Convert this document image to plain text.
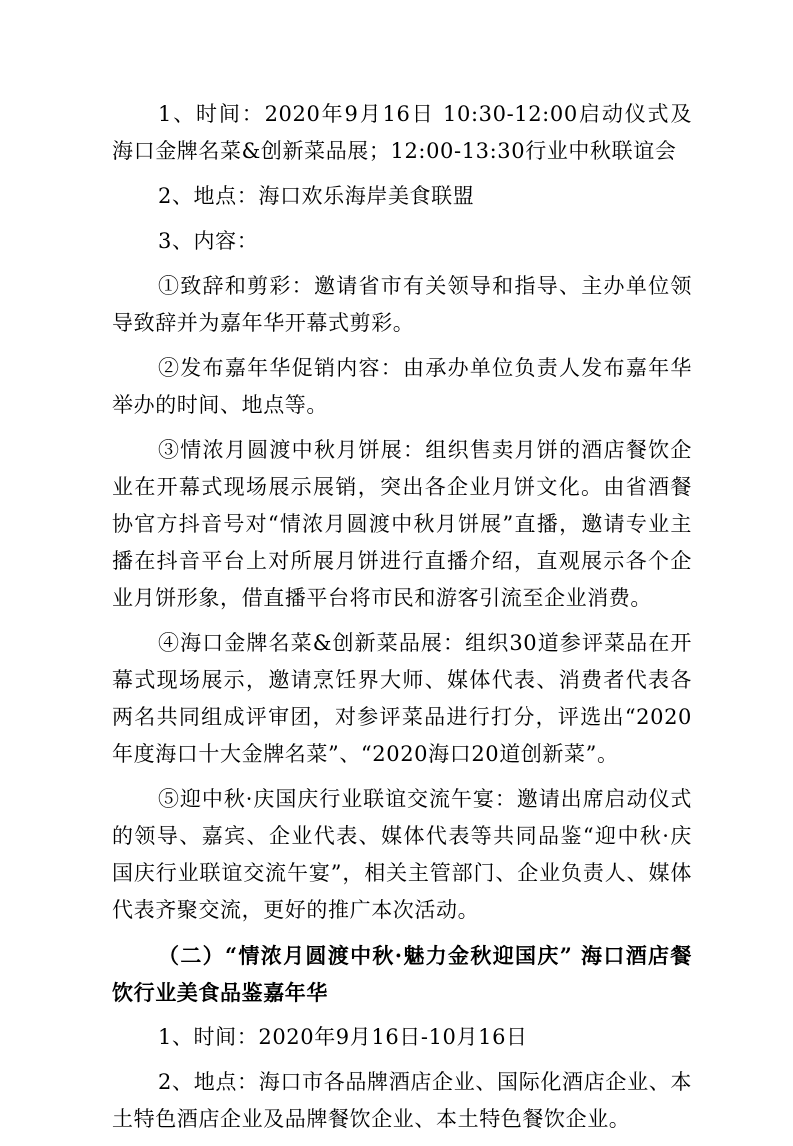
1、时间：2020年9月16日 10:30-12:00启动仪式及海口金牌名菜&创新菜品展；12:00-13:30行业中秋联谊会

2、地点：海口欢乐海岸美食联盟

3、内容：

①致辞和剪彩：邀请省市有关领导和指导、主办单位领导致辞并为嘉年华开幕式剪彩。

②发布嘉年华促销内容：由承办单位负责人发布嘉年华举办的时间、地点等。

③情浓月圆渡中秋月饼展：组织售卖月饼的酒店餐饮企业在开幕式现场展示展销，突出各企业月饼文化。由省酒餐协官方抖音号对“情浓月圆渡中秋月饼展”直播，邀请专业主播在抖音平台上对所展月饼进行直播介绍，直观展示各个企业月饼形象，借直播平台将市民和游客引流至企业消费。

④海口金牌名菜&创新菜品展：组织30道参评菜品在开幕式现场展示，邀请烹饪界大师、媒体代表、消费者代表各两名共同组成评审团，对参评菜品进行打分，评选出“2020年度海口十大金牌名菜”、“2020海口20道创新菜”。

⑤迎中秋·庆国庆行业联谊交流午宴：邀请出席启动仪式的领导、嘉宾、企业代表、媒体代表等共同品鉴“迎中秋·庆国庆行业联谊交流午宴”，相关主管部门、企业负责人、媒体代表齐聚交流，更好的推广本次活动。

（二）“情浓月圆渡中秋·魅力金秋迎国庆” 海口酒店餐饮行业美食品鉴嘉年华

1、时间：2020年9月16日-10月16日

2、地点：海口市各品牌酒店企业、国际化酒店企业、本土特色酒店企业及品牌餐饮企业、本土特色餐饮企业。
